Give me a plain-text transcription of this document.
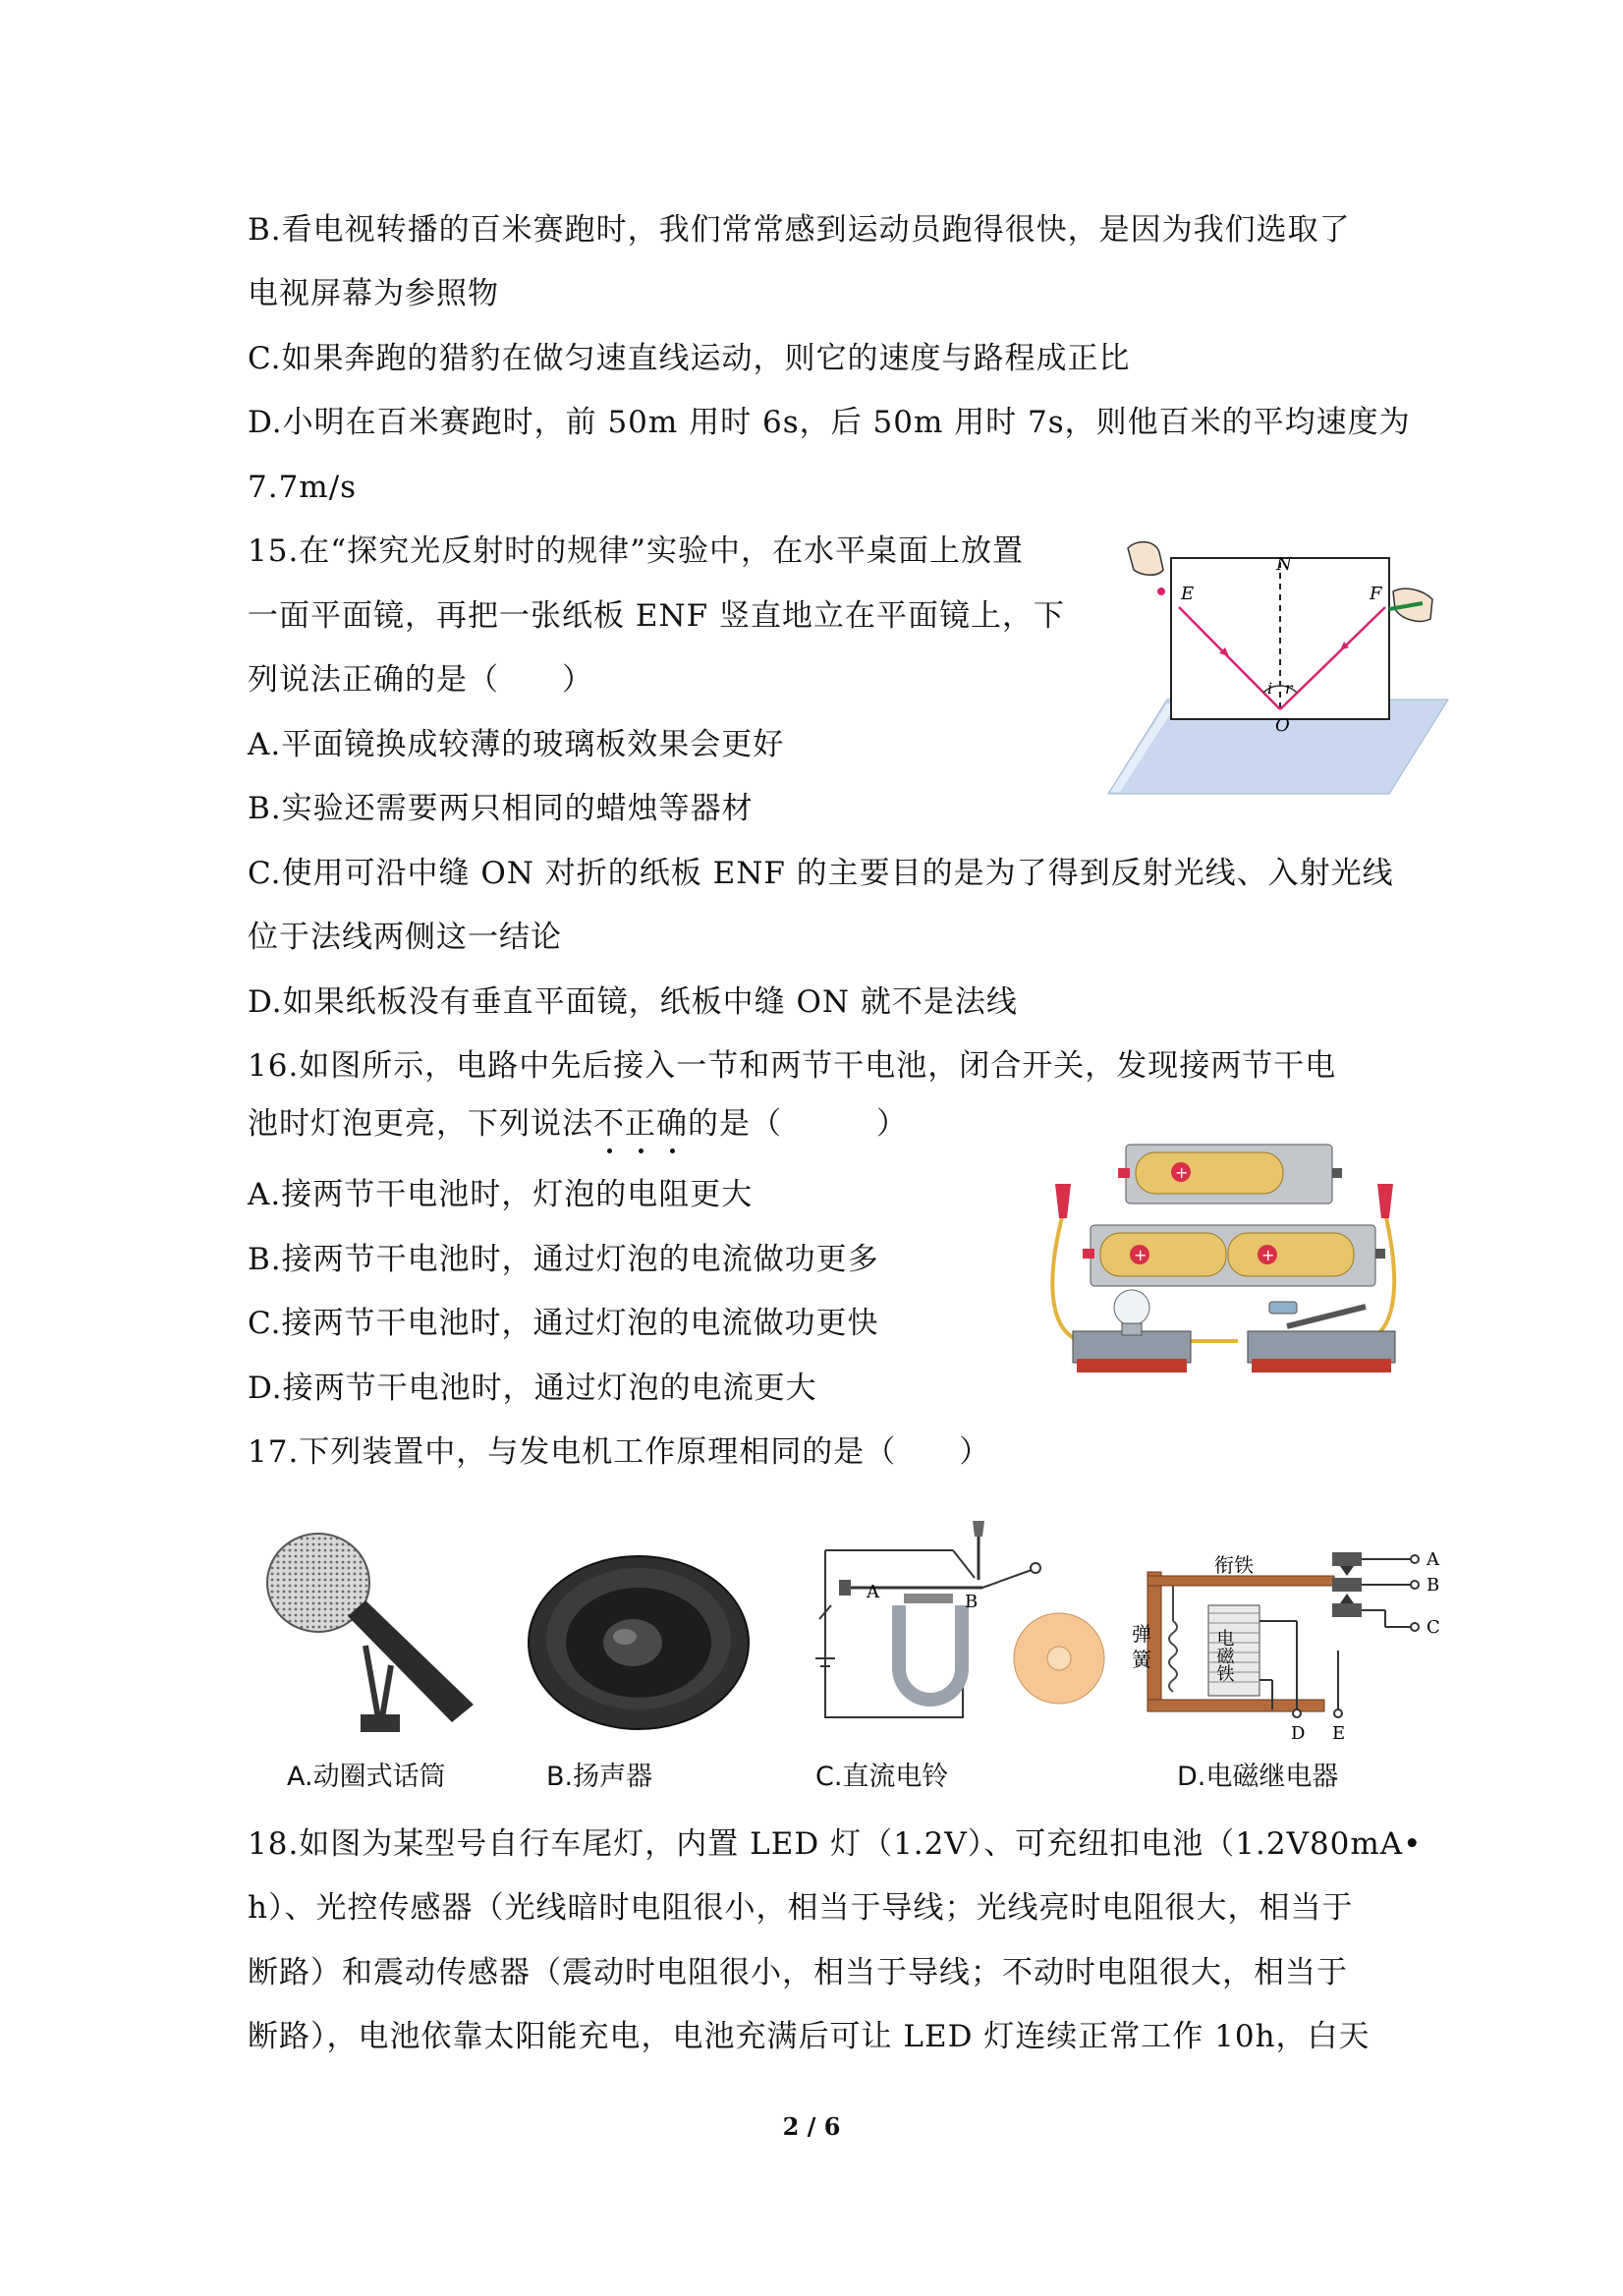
B.看电视转播的百米赛跑时，我们常常感到运动员跑得很快，是因为我们选取了
电视屏幕为参照物
C.如果奔跑的猎豹在做匀速直线运动，则它的速度与路程成正比
D.小明在百米赛跑时，前 50m 用时 6s，后 50m 用时 7s，则他百米的平均速度为
7.7m/s
15.在“探究光反射时的规律”实验中，在水平桌面上放置
一面平面镜，再把一张纸板 ENF 竖直地立在平面镜上，下
列说法正确的是（　　）
A.平面镜换成较薄的玻璃板效果会更好
B.实验还需要两只相同的蜡烛等器材
C.使用可沿中缝 ON 对折的纸板 ENF 的主要目的是为了得到反射光线、入射光线
位于法线两侧这一结论
D.如果纸板没有垂直平面镜，纸板中缝 ON 就不是法线
16.如图所示，电路中先后接入一节和两节干电池，闭合开关，发现接两节干电
池时灯泡更亮，下列说法不正确的是（　　　）
A.接两节干电池时，灯泡的电阻更大
B.接两节干电池时，通过灯泡的电流做功更多
C.接两节干电池时，通过灯泡的电流做功更快
D.接两节干电池时，通过灯泡的电流更大
17.下列装置中，与发电机工作原理相同的是（　　）
18.如图为某型号自行车尾灯，内置 LED 灯（1.2V）、可充纽扣电池（1.2V80mA•
h）、光控传感器（光线暗时电阻很小，相当于导线；光线亮时电阻很大，相当于
断路）和震动传感器（震动时电阻很小，相当于导线；不动时电阻很大，相当于
断路），电池依靠太阳能充电，电池充满后可让 LED 灯连续正常工作 10h，白天
N
E	F
O
i r
+
+	+
A	B
衔铁
弹
簧	电磁铁
A
B
C
D E
A.动圈式话筒	B.扬声器	C.直流电铃	D.电磁继电器
2 / 6
